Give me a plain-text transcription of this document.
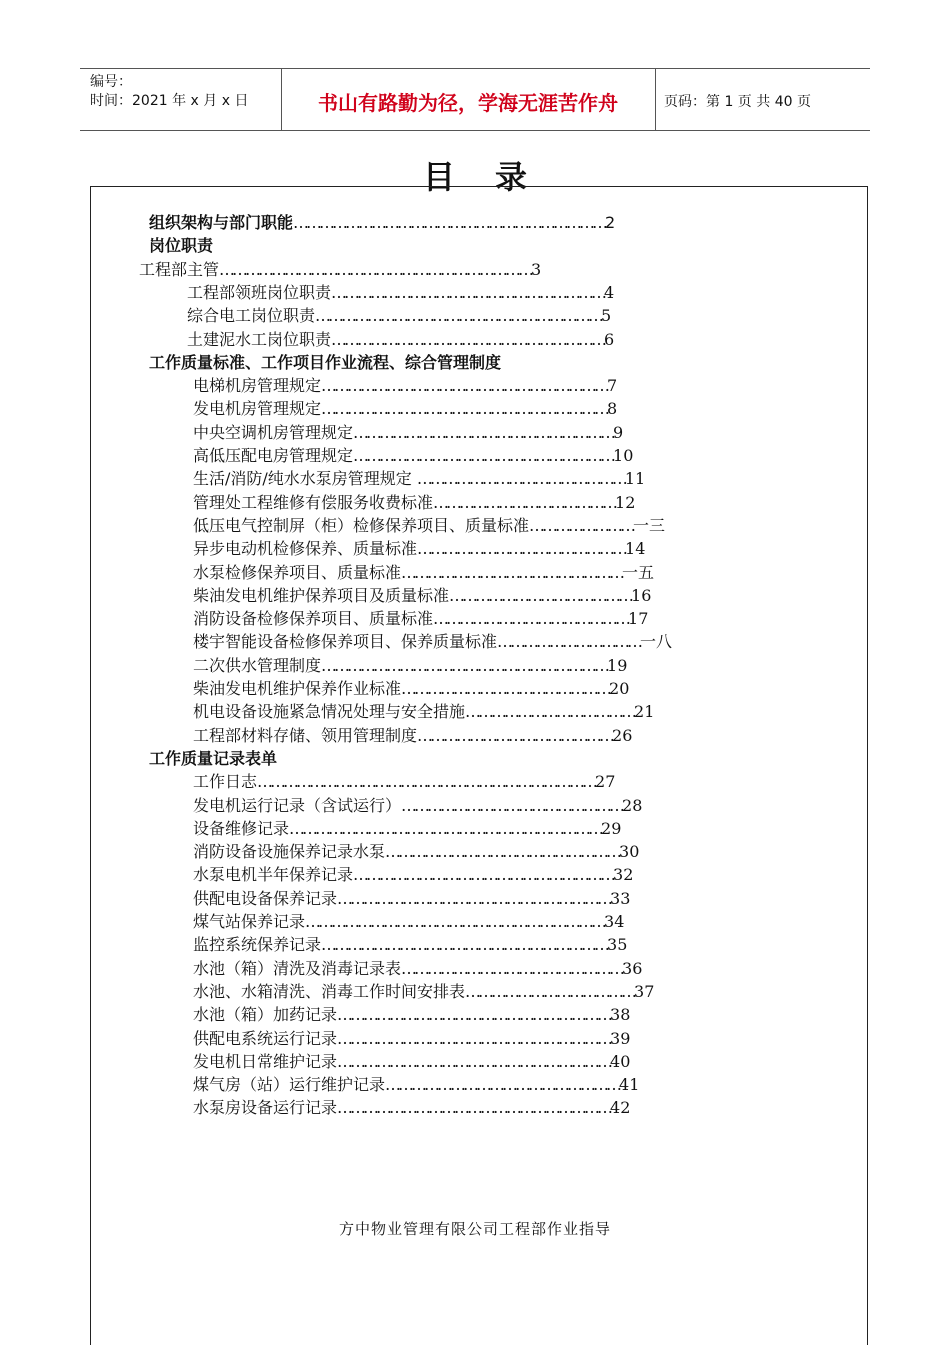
编号：
时间：2021 年 x 月 x 日	书山有路勤为径，学海无涯苦作舟	页码：第 1 页 共 40 页
目录
组织架构与部门职能………………………………………………………………2
岗位职责
工程部主管………………………………………………………………3
工程部领班岗位职责………………………………………………………4
综合电工岗位职责…………………………………………………………5
土建泥水工岗位职责………………………………………………………6
工作质量标准、工作项目作业流程、综合管理制度
电梯机房管理规定…………………………………………………………7
发电机房管理规定…………………………………………………………8
中央空调机房管理规定……………………………………………………9
高低压配电房管理规定……………………………………………………10
生活/消防/纯水水泵房管理规定 …………………………………………11
管理处工程维修有偿服务收费标准……………………………………12
低压电气控制屏（柜）检修保养项目、质量标准……………………一三
异步电动机检修保养、质量标准…………………………………………14
水泵检修保养项目、质量标准……………………………………………一五
柴油发电机维护保养项目及质量标准……………………………………16
消防设备检修保养项目、质量标准………………………………………17
楼宇智能设备检修保养项目、保养质量标准……………………………一八
二次供水管理制度…………………………………………………………19
柴油发电机维护保养作业标准…………………………………………20
机电设备设施紧急情况处理与安全措施…………………………………21
工程部材料存储、领用管理制度………………………………………26
工作质量记录表单
工作日志……………………………………………………………………27
发电机运行记录（含试运行）……………………………………………28
设备维修记录………………………………………………………………29
消防设备设施保养记录水泵………………………………………………30
水泵电机半年保养记录……………………………………………………32
供配电设备保养记录………………………………………………………33
煤气站保养记录……………………………………………………………34
监控系统保养记录…………………………………………………………35
水池（箱）清洗及消毒记录表……………………………………………36
水池、水箱清洗、消毒工作时间安排表…………………………………37
水池（箱）加药记录………………………………………………………38
供配电系统运行记录………………………………………………………39
发电机日常维护记录………………………………………………………40
煤气房（站）运行维护记录………………………………………………41
水泵房设备运行记录………………………………………………………42
方中物业管理有限公司工程部作业指导
